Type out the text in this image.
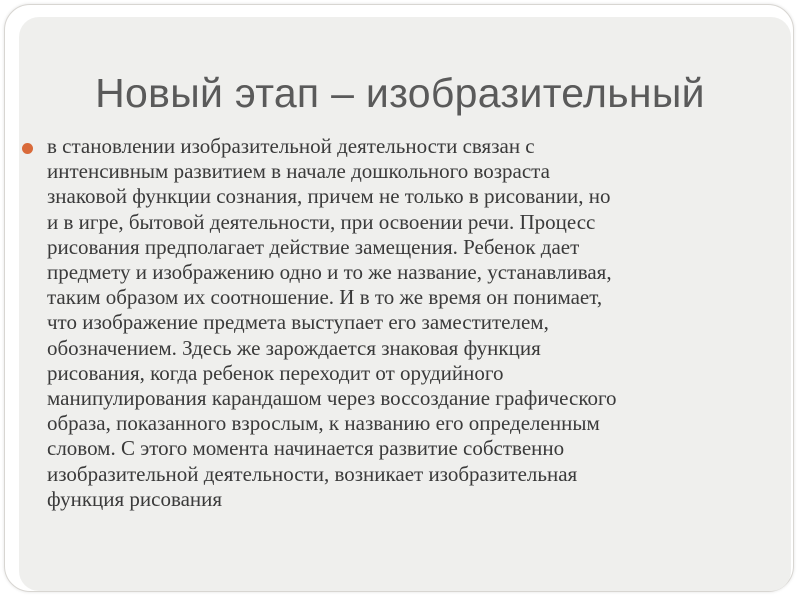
Новый этап – изобразительный

в становлении изобразительной деятельности связан с
интенсивным развитием в начале дошкольного возраста
знаковой функции сознания, причем не только в рисовании, но
и в игре, бытовой деятельности, при освоении речи. Процесс
рисования предполагает действие замещения. Ребенок дает
предмету и изображению одно и то же название, устанавливая,
таким образом их соотношение. И в то же время он понимает,
что изображение предмета выступает его заместителем,
обозначением. Здесь же зарождается знаковая функция
рисования, когда ребенок переходит от орудийного
манипулирования карандашом через воссоздание графического
образа, показанного взрослым, к названию его определенным
словом. С этого момента начинается развитие собственно
изобразительной деятельности, возникает изобразительная
функция рисования
